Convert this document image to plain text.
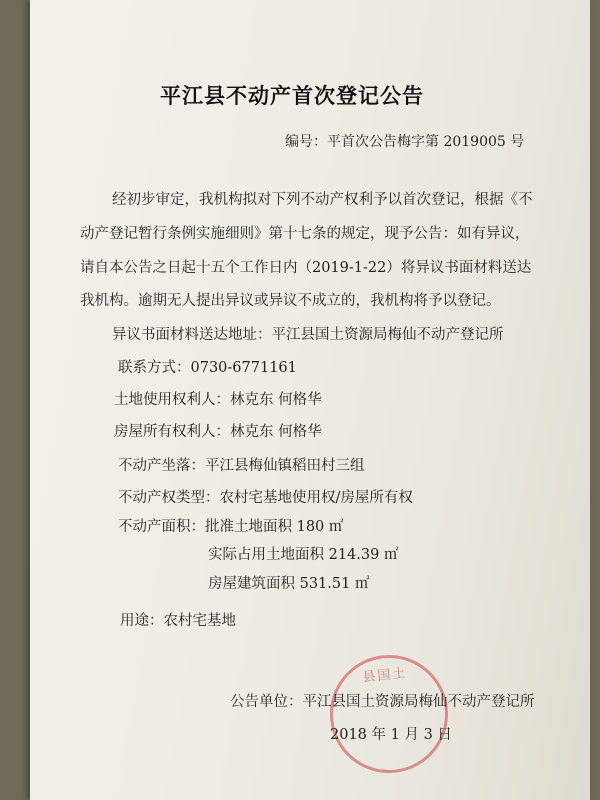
平江县不动产首次登记公告
编号：平首次公告梅字第 2019005 号
经初步审定，我机构拟对下列不动产权利予以首次登记，根据《不
动产登记暂行条例实施细则》第十七条的规定，现予公告：如有异议，
请自本公告之日起十五个工作日内（2019-1-22）将异议书面材料送达
我机构。逾期无人提出异议或异议不成立的，我机构将予以登记。
异议书面材料送达地址：平江县国土资源局梅仙不动产登记所
联系方式：0730-6771161
土地使用权利人：林克东 何格华
房屋所有权利人：林克东 何格华
不动产坐落：平江县梅仙镇稻田村三组
不动产权类型：农村宅基地使用权/房屋所有权
不动产面积：批准土地面积 180 ㎡
实际占用土地面积 214.39 ㎡
房屋建筑面积 531.51 ㎡
用途：农村宅基地
县国土
公告单位：平江县国土资源局梅仙不动产登记所
2018 年 1 月 3 日
